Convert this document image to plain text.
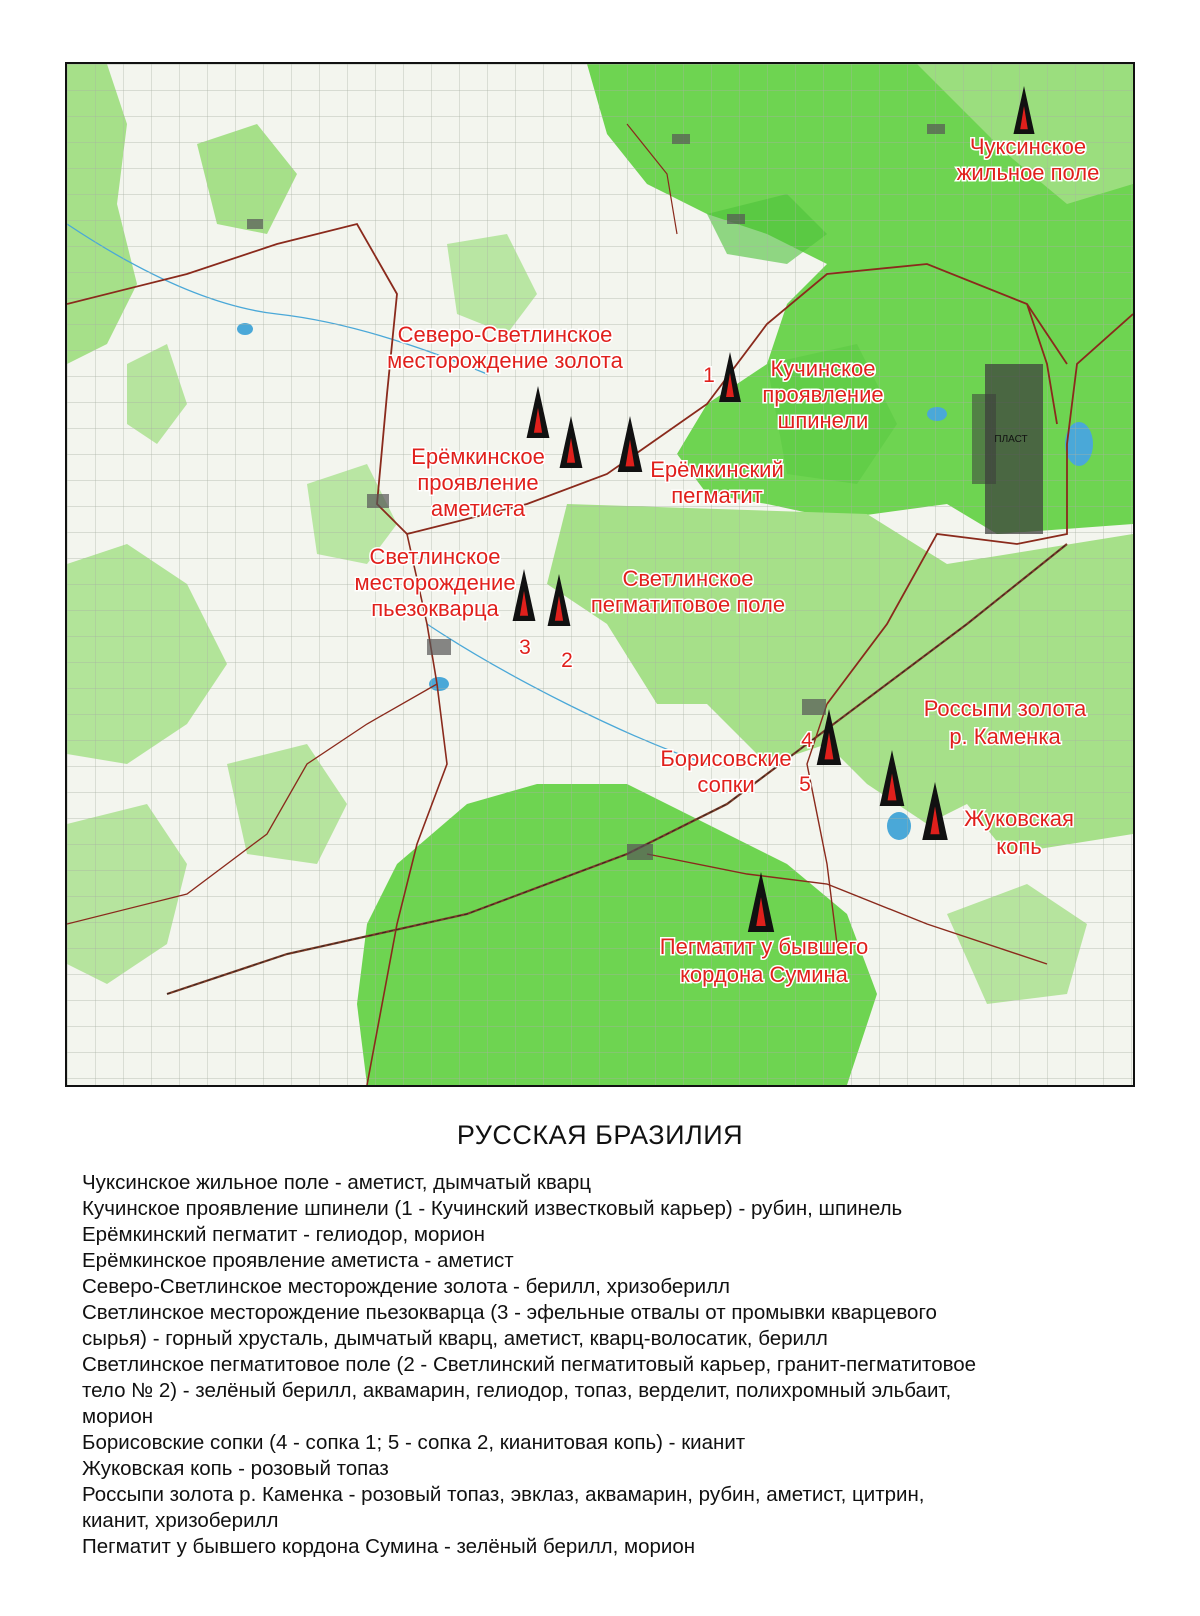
ПЛАСТ
Чуксинское жильное поле
Северо-Светлинское месторождение золота	Кучинское проявление шпинели
Ерёмкинское проявление аметиста
Ерёмкинский пегматит
Светлинское месторождение пьезокварца
Светлинское пегматитовое поле
Россыпи золота р. Каменка
Борисовские сопки
Жуковская копь
Пегматит у бывшего кордона Сумина
1
3
2
4
5
РУССКАЯ БРАЗИЛИЯ
Чуксинское жильное поле - аметист, дымчатый кварц
Кучинское проявление шпинели (1 - Кучинский известковый карьер) - рубин, шпинель
Ерёмкинский пегматит - гелиодор, морион
Ерёмкинское проявление аметиста - аметист
Северо-Светлинское месторождение золота - берилл, хризоберилл
Светлинское месторождение пьезокварца (3 - эфельные отвалы от промывки кварцевого
сырья) - горный хрусталь, дымчатый кварц, аметист, кварц-волосатик, берилл
Светлинское пегматитовое поле (2 - Светлинский пегматитовый карьер, гранит-пегматитовое
тело № 2) - зелёный берилл, аквамарин, гелиодор, топаз, верделит, полихромный эльбаит,
морион
Борисовские сопки (4 - сопка 1; 5 - сопка 2, кианитовая копь) - кианит
Жуковская копь - розовый топаз
Россыпи золота р. Каменка - розовый топаз, эвклаз, аквамарин, рубин, аметист, цитрин,
кианит, хризоберилл
Пегматит у бывшего кордона Сумина - зелёный берилл, морион
